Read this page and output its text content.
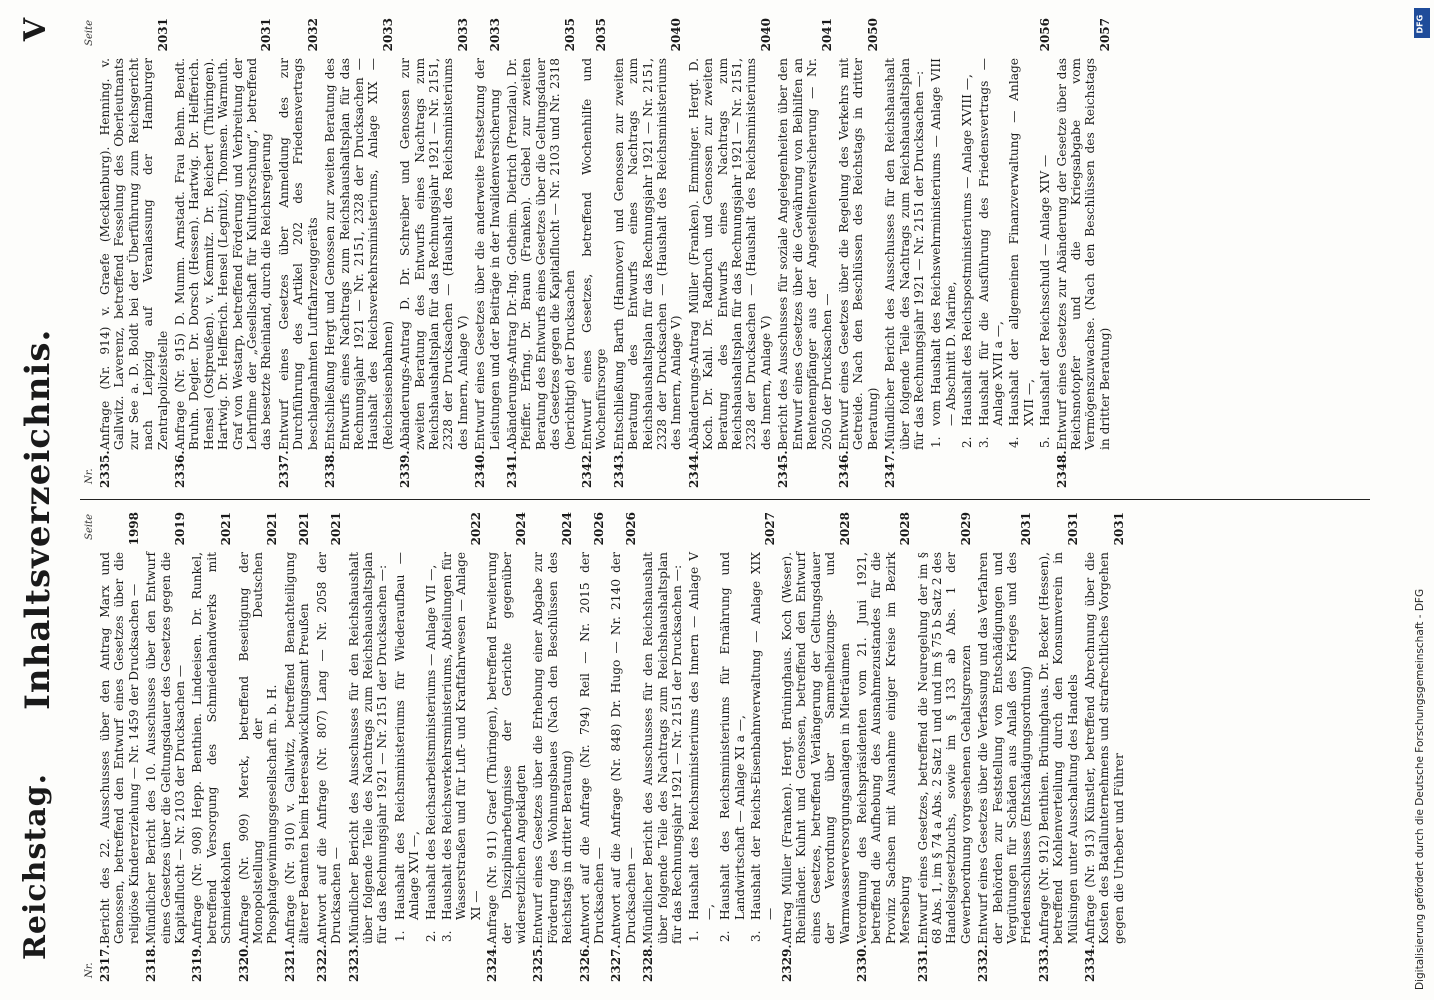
Reichstag.
Inhaltsverzeichnis.
V
Nr.
Seite
2317.
Bericht des 22. Ausschusses über den Antrag Marx und Genossen, betreffend den Entwurf eines Gesetzes über die religiöse Kindererziehung — Nr. 1459 der Drucksachen —
1998
2318.
Mündlicher Bericht des 10. Ausschusses über den Entwurf eines Gesetzes über die Geltungsdauer des Gesetzes gegen die Kapitalflucht — Nr. 2103 der Drucksachen —
2019
2319.
Anfrage (Nr. 908) Hepp. Benthien. Lindeeisen. Dr. Runkel, betreffend Versorgung des Schmiedehandwerks mit Schmiedekohlen
2021
2320.
Anfrage (Nr. 909) Merck, betreffend Beseitigung der Monopolstellung der Deutschen Phosphatgewinnungsgesellschaft m. b. H.
2021
2321.
Anfrage (Nr. 910) v. Gallwitz, betreffend Benachteiligung älterer Beamten beim Heeresabwicklungsamt Preußen
2021
2322.
Antwort auf die Anfrage (Nr. 807) Lang — Nr. 2058 der Drucksachen —
2021
2323.
Mündlicher Bericht des Ausschusses für den Reichshaushalt über folgende Teile des Nachtrags zum Reichshaushaltsplan für das Rechnungsjahr 1921 — Nr. 2151 der Drucksachen —: 1.
Haushalt des Reichsministeriums für Wiederaufbau — Anlage XVI —,
2.
Haushalt des Reichsarbeitsministeriums — Anlage VII —,
3.
Haushalt des Reichsverkehrsministeriums, Abteilungen für Wasserstraßen und für Luft- und Kraftfahrwesen — Anlage XI —
2022
2324.
Anfrage (Nr. 911) Graef (Thüringen), betreffend Erweiterung der Disziplinarbefugnisse der Gerichte gegenüber widersetzlichen Angeklagten
2024
2325.
Entwurf eines Gesetzes über die Erhebung einer Abgabe zur Förderung des Wohnungsbaues (Nach den Beschlüssen des Reichstags in dritter Beratung)
2024
2326.
Antwort auf die Anfrage (Nr. 794) Reil — Nr. 2015 der Drucksachen —
2026
2327.
Antwort auf die Anfrage (Nr. 848) Dr. Hugo — Nr. 2140 der Drucksachen —
2026
2328.
Mündlicher Bericht des Ausschusses für den Reichshaushalt über folgende Teile des Nachtrags zum Reichshaushaltsplan für das Rechnungsjahr 1921 — Nr. 2151 der Drucksachen —: 1.
Haushalt des Reichsministeriums des Innern — Anlage V —,
2.
Haushalt des Reichsministeriums für Ernährung und Landwirtschaft — Anlage XI a —,
3.
Haushalt der Reichs-Eisenbahnverwaltung — Anlage XIX —
2027
2329.
Antrag Müller (Franken). Hergt. Brüninghaus. Koch (Weser). Rheinländer. Kuhnt und Genossen, betreffend den Entwurf eines Gesetzes, betreffend Verlängerung der Geltungsdauer der Verordnung über Sammelheizungs- und Warmwasserversorgungsanlagen in Mieträumen
2028
2330.
Verordnung des Reichspräsidenten vom 21. Juni 1921, betreffend die Aufhebung des Ausnahmezustandes für die Provinz Sachsen mit Ausnahme einiger Kreise im Bezirk Merseburg
2028
2331.
Entwurf eines Gesetzes, betreffend die Neuregelung der im § 68 Abs. 1, im § 74 a Abs. 2 Satz 1 und und im § 75 b Satz 2 des Handelsgesetzbuchs, sowie im § 133 ab Abs. 1 der Gewerbeordnung vorgesehenen Gehaltsgrenzen
2029
2332.
Entwurf eines Gesetzes über die Verfassung und das Verfahren der Behörden zur Feststellung von Entschädigungen und Vergütungen für Schäden aus Anlaß des Krieges und des Friedensschlusses (Entschädigungsordnung)
2031
2333.
Anfrage (Nr. 912) Benthien. Brüninghaus. Dr. Becker (Hessen), betreffend Kohlenverteilung durch den Konsumverein in Mülsingen unter Ausschaltung des Handels
2031
2334.
Anfrage (Nr. 913) Künstler, betreffend Abrechnung über die Kosten des Batallunternehmens und strafrechtliches Vorgehen gegen die Urheber und Führer
2031
Nr.
Seite
2335.
Anfrage (Nr. 914) v. Graefe (Mecklenburg). Henning. v. Gallwitz. Laverenz, betreffend Fesselung des Oberleutnants zur See a. D. Boldt bei der Überführung zum Reichsgericht nach Leipzig auf Veranlassung der Hamburger Zentralpolizeistelle
2031
2336.
Anfrage (Nr. 915) D. Mumm. Arnstadt. Frau Behm. Bendt. Bruhn. Degler. Dr. Dorsch (Hessen). Hartwig. Dr. Helfferich. Hensel (Ostpreußen). v. Kemnitz. Dr. Reichert (Thüringen). Hartwig. Dr. Helfferich. Hensel (Legnitz). Thomsen. Warmuth. Graf von Westarp, betreffend Förderung und Verbreitung der Lehrfilme der „Gesellschaft für Kulturforschung“, betreffend das besetzte Rheinland, durch die Reichsregierung
2031
2337.
Entwurf eines Gesetzes über Anmeldung des zur Durchführung des Artikel 202 des Friedensvertrags beschlagnahmten Luftfahrzeuggeräts
2032
2338.
Entschließung Hergt und Genossen zur zweiten Beratung des Entwurfs eines Nachtrags zum Reichshaushaltsplan für das Rechnungsjahr 1921 — Nr. 2151, 2328 der Drucksachen — Haushalt des Reichsverkehrsministeriums, Anlage XIX — (Reichseisenbahnen)
2033
2339.
Abänderungs-Antrag D. Dr. Schreiber und Genossen zur zweiten Beratung des Entwurfs eines Nachtrags zum Reichshaushaltsplan für das Rechnungsjahr 1921 — Nr. 2151, 2328 der Drucksachen — (Haushalt des Reichsministeriums des Innern, Anlage V)
2033
2340.
Entwurf eines Gesetzes über die anderweite Festsetzung der Leistungen und der Beiträge in der Invalidenversicherung
2033
2341.
Abänderungs-Antrag Dr.-Ing. Gotheim. Dietrich (Prenzlau). Dr. Pfeiffer. Erfing. Dr. Braun (Franken). Giebel zur zweiten Beratung des Entwurfs eines Gesetzes über die Geltungsdauer des Gesetzes gegen die Kapitalflucht — Nr. 2103 und Nr. 2318 (berichtigt) der Drucksachen
2035
2342.
Entwurf eines Gesetzes, betreffend Wochenhilfe und Wochenfürsorge
2035
2343.
Entschließung Barth (Hannover) und Genossen zur zweiten Beratung des Entwurfs eines Nachtrags zum Reichshaushaltsplan für das Rechnungsjahr 1921 — Nr. 2151, 2328 der Drucksachen — (Haushalt des Reichsministeriums des Innern, Anlage V)
2040
2344.
Abänderungs-Antrag Müller (Franken). Emminger. Hergt. D. Koch. Dr. Kahl. Dr. Radbruch und Genossen zur zweiten Beratung des Entwurfs eines Nachtrags zum Reichshaushaltsplan für das Rechnungsjahr 1921 — Nr. 2151, 2328 der Drucksachen — (Haushalt des Reichsministeriums des Innern, Anlage V)
2040
2345.
Bericht des Ausschusses für soziale Angelegenheiten über den Entwurf eines Gesetzes über die Gewährung von Beihilfen an Rentenempfänger aus der Angestelltenversicherung — Nr. 2050 der Drucksachen —
2041
2346.
Entwurf eines Gesetzes über die Regelung des Verkehrs mit Getreide. Nach den Beschlüssen des Reichstags in dritter Beratung)
2050
2347.
Mündlicher Bericht des Ausschusses für den Reichshaushalt über folgende Teile des Nachtrags zum Reichshaushaltsplan für das Rechnungsjahr 1921 — Nr. 2151 der Drucksachen —: 1.
vom Haushalt des Reichswehrministeriums — Anlage VIII — Abschnitt D. Marine,
2.
Haushalt des Reichspostministeriums — Anlage XVIII —,
3.
Haushalt für die Ausführung des Friedensvertrags — Anlage XVII a —,
4.
Haushalt der allgemeinen Finanzverwaltung — Anlage XVII —,
5.
Haushalt der Reichsschuld — Anlage XIV —
2056
2348.
Entwurf eines Gesetzes zur Abänderung der Gesetze über das Reichsnotopfer und die Kriegsabgabe vom Vermögenszuwachse. (Nach den Beschlüssen des Reichstags in dritter Beratung)
2057	DFG
Digitalisierung gefördert durch die Deutsche Forschungsgemeinschaft - DFG
